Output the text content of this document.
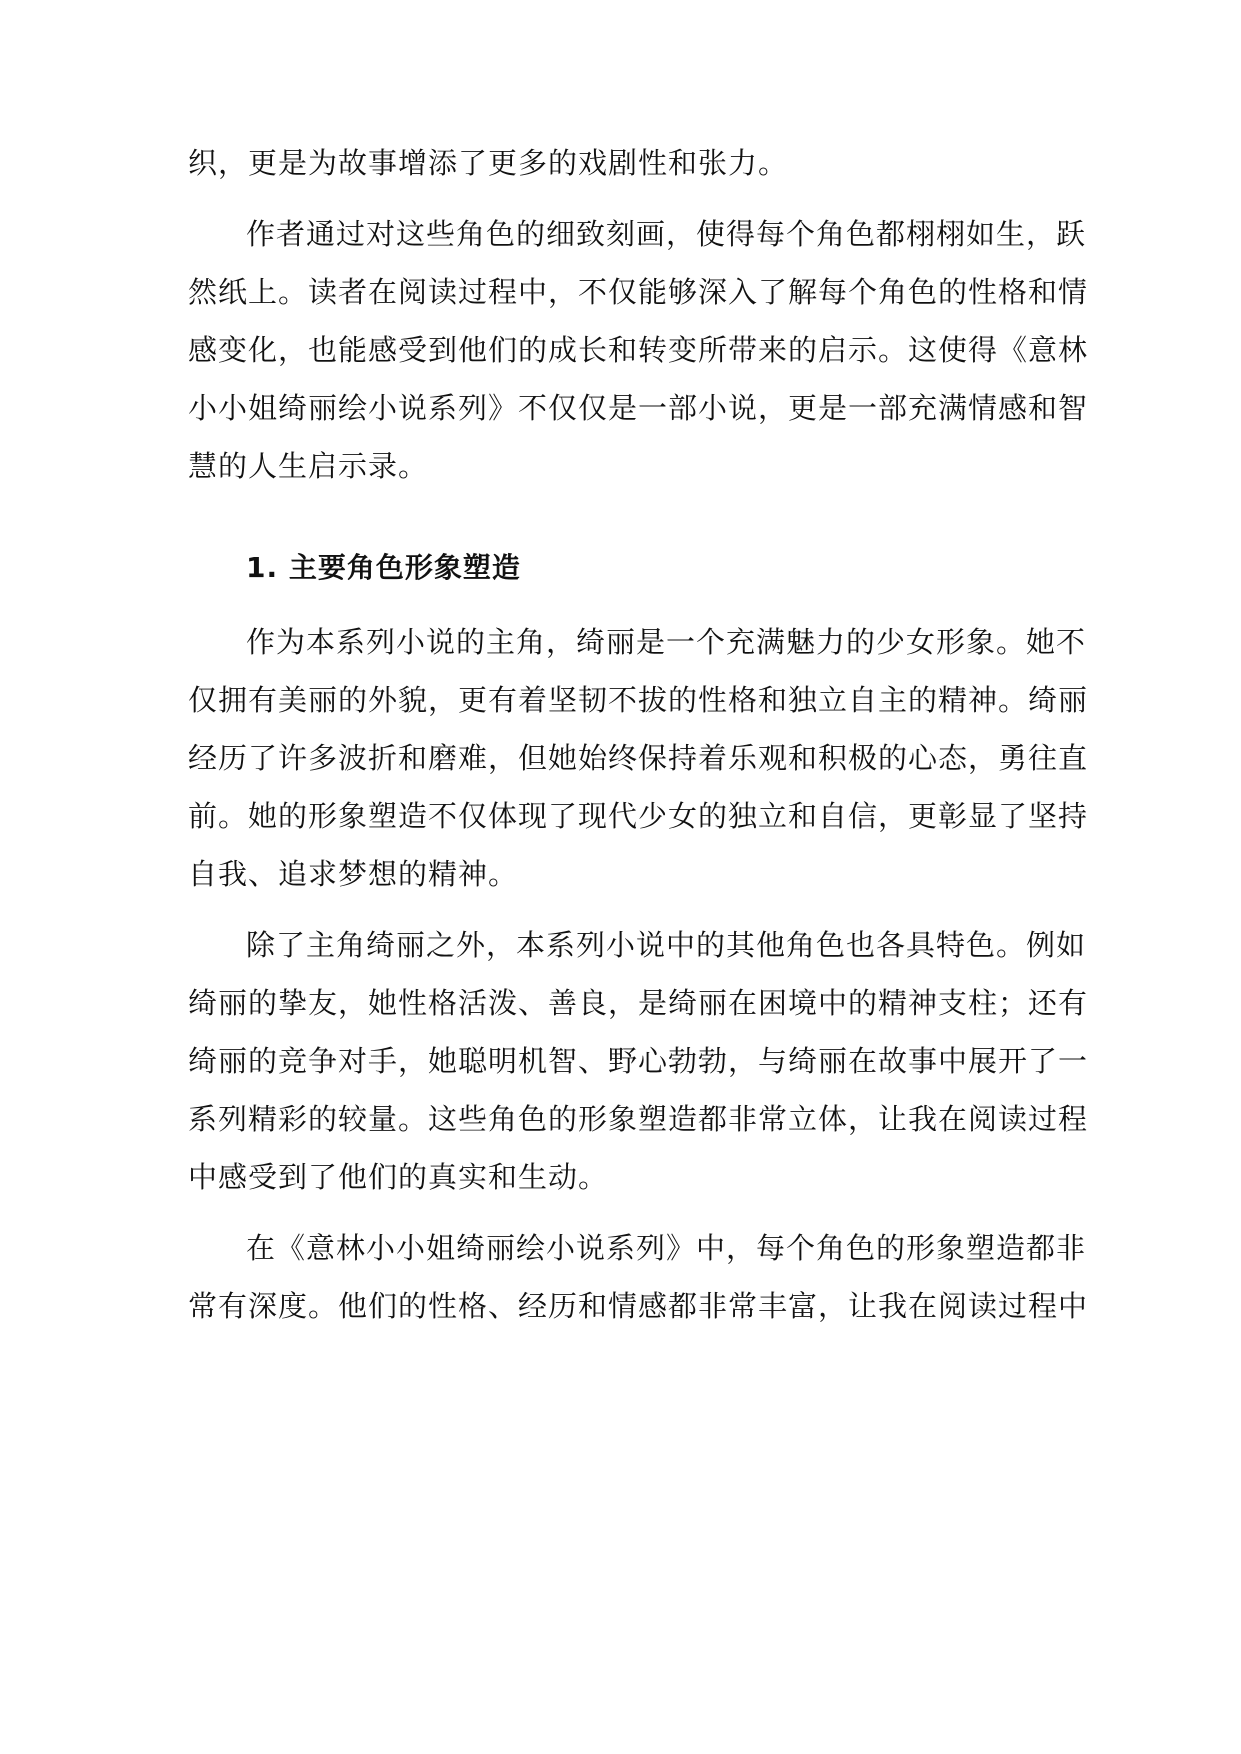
织，更是为故事增添了更多的戏剧性和张力。

作者通过对这些角色的细致刻画，使得每个角色都栩栩如生，跃

然纸上。读者在阅读过程中，不仅能够深入了解每个角色的性格和情

感变化，也能感受到他们的成长和转变所带来的启示。这使得《意林

小小姐绮丽绘小说系列》不仅仅是一部小说，更是一部充满情感和智

慧的人生启示录。

1. 主要角色形象塑造

作为本系列小说的主角，绮丽是一个充满魅力的少女形象。她不

仅拥有美丽的外貌，更有着坚韧不拔的性格和独立自主的精神。绮丽

经历了许多波折和磨难，但她始终保持着乐观和积极的心态，勇往直

前。她的形象塑造不仅体现了现代少女的独立和自信，更彰显了坚持

自我、追求梦想的精神。

除了主角绮丽之外，本系列小说中的其他角色也各具特色。例如

绮丽的挚友，她性格活泼、善良，是绮丽在困境中的精神支柱；还有

绮丽的竞争对手，她聪明机智、野心勃勃，与绮丽在故事中展开了一

系列精彩的较量。这些角色的形象塑造都非常立体，让我在阅读过程

中感受到了他们的真实和生动。

在《意林小小姐绮丽绘小说系列》中，每个角色的形象塑造都非

常有深度。他们的性格、经历和情感都非常丰富，让我在阅读过程中
